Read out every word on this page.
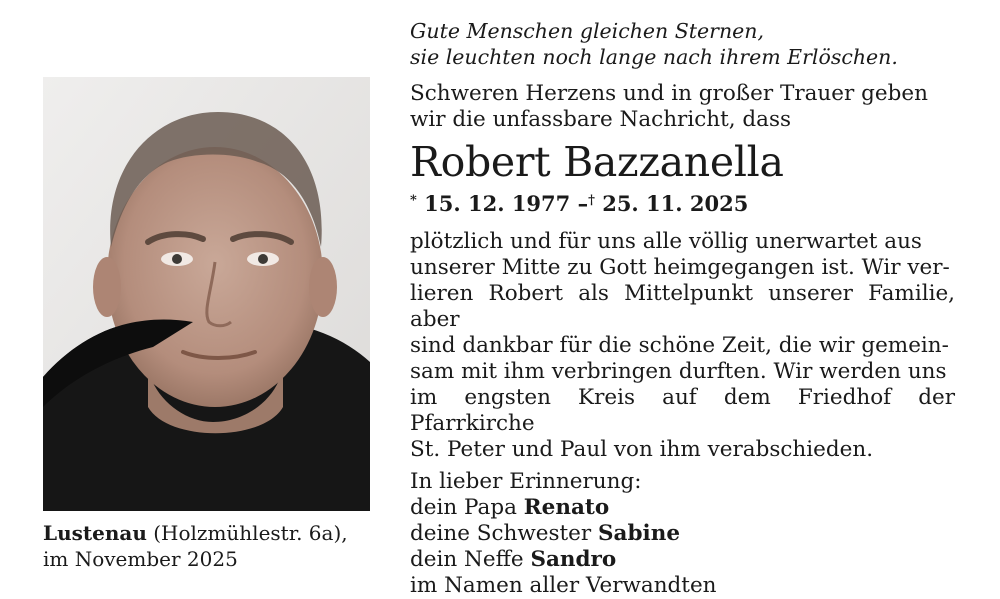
Lustenau (Holzmühlestr. 6a),
im November 2025

Gute Menschen gleichen Sternen,
sie leuchten noch lange nach ihrem Erlöschen.

Schweren Herzens und in großer Trauer geben
wir die unfassbare Nachricht, dass

Robert Bazzanella
* 15. 12. 1977 –† 25. 11. 2025

plötzlich und für uns alle völlig unerwartet aus
unserer Mitte zu Gott heimgegangen ist. Wir ver-
lieren Robert als Mittelpunkt unserer Familie, aber
sind dankbar für die schöne Zeit, die wir gemein-
sam mit ihm verbringen durften. Wir werden uns
im engsten Kreis auf dem Friedhof der Pfarrkirche
St. Peter und Paul von ihm verabschieden.

In lieber Erinnerung:
dein Papa Renato
deine Schwester Sabine
dein Neffe Sandro
im Namen aller Verwandten
